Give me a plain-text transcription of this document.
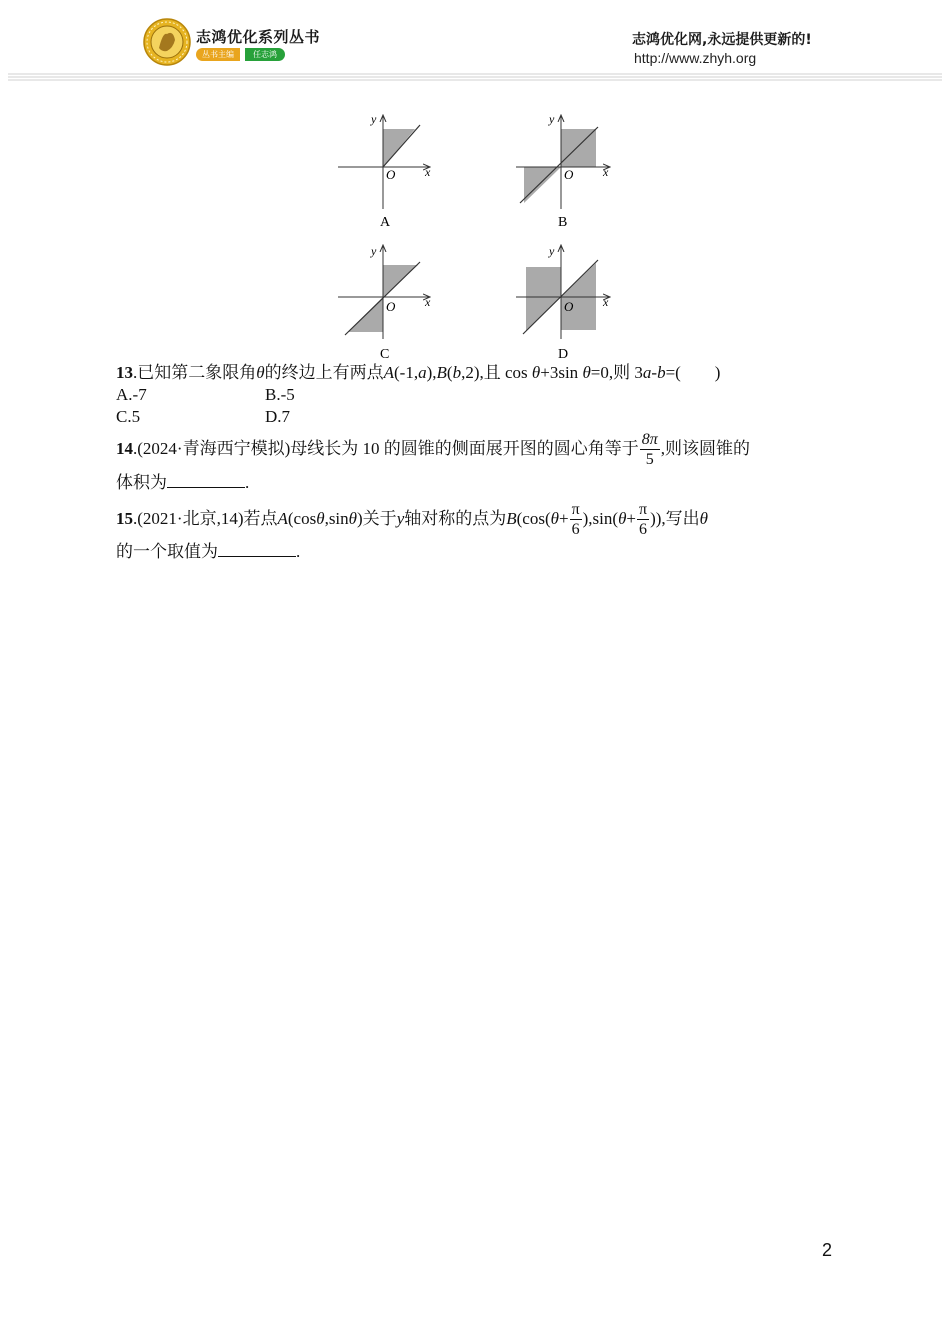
志鸿优化系列丛书
丛书主编	任志鸿
志鸿优化网,永远提供更新的!
http://www.zhyh.org
y
x
O
A
y
x
O
B
y
x
O
C
y
x
O
D
13.已知第二象限角θ的终边上有两点A(-1,a),B(b,2),且 cos θ+3sin θ=0,则 3a-b=(　　)
A.-7	B.-5
C.5	D.7
14 .(2024·青海西宁模拟)母线长为 10 的圆锥的侧面展开图的圆心角等于 $\frac{8\pi}{5}$ ,则该圆锥的
体积为	.
15 .(2021·北京,14)若点 A (cos θ ,sin θ )关于 y 轴对称的点为 B (cos( $\theta + \frac{\pi}{6} ),\sin$( $\theta + \frac{\pi}{6}$ )),写出 θ
的一个取值为	.
2
